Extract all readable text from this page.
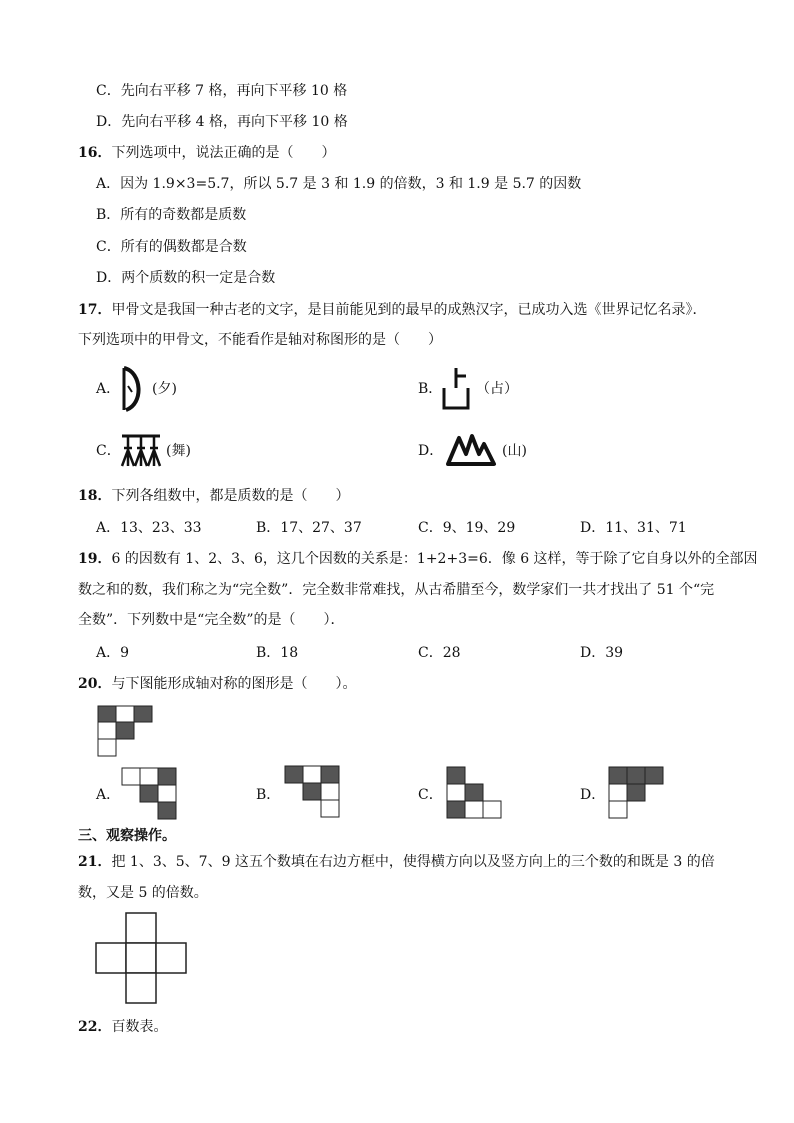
C．先向右平移 7 格，再向下平移 10 格
D．先向右平移 4 格，再向下平移 10 格
16．下列选项中，说法正确的是（　　）
A．因为 1.9×3=5.7，所以 5.7 是 3 和 1.9 的倍数，3 和 1.9 是 5.7 的因数
B．所有的奇数都是质数
C．所有的偶数都是合数
D．两个质数的积一定是合数
17．甲骨文是我国一种古老的文字，是目前能见到的最早的成熟汉字，已成功入选《世界记忆名录》．
下列选项中的甲骨文，不能看作是轴对称图形的是（　　）
A． (夕)	B． （占）
C．	(舞)	D．	(山)
18．下列各组数中，都是质数的是（　　）
A．13、23、33	B．17、27、37	C．9、19、29	D．11、31、71
19．6 的因数有 1、2、3、6，这几个因数的关系是：1+2+3=6．像 6 这样，等于除了它自身以外的全部因
数之和的数，我们称之为“完全数”．完全数非常难找，从古希腊至今，数学家们一共才找出了 51 个“完
全数”．下列数中是“完全数”的是（　　）．
A．9	B．18	C．28	D．39
20．与下图能形成轴对称的图形是（　　）。
A．	B．	C．	D．
三、观察操作。
21．把 1、3、5、7、9 这五个数填在右边方框中，使得横方向以及竖方向上的三个数的和既是 3 的倍
数，又是 5 的倍数。
22．百数表。
